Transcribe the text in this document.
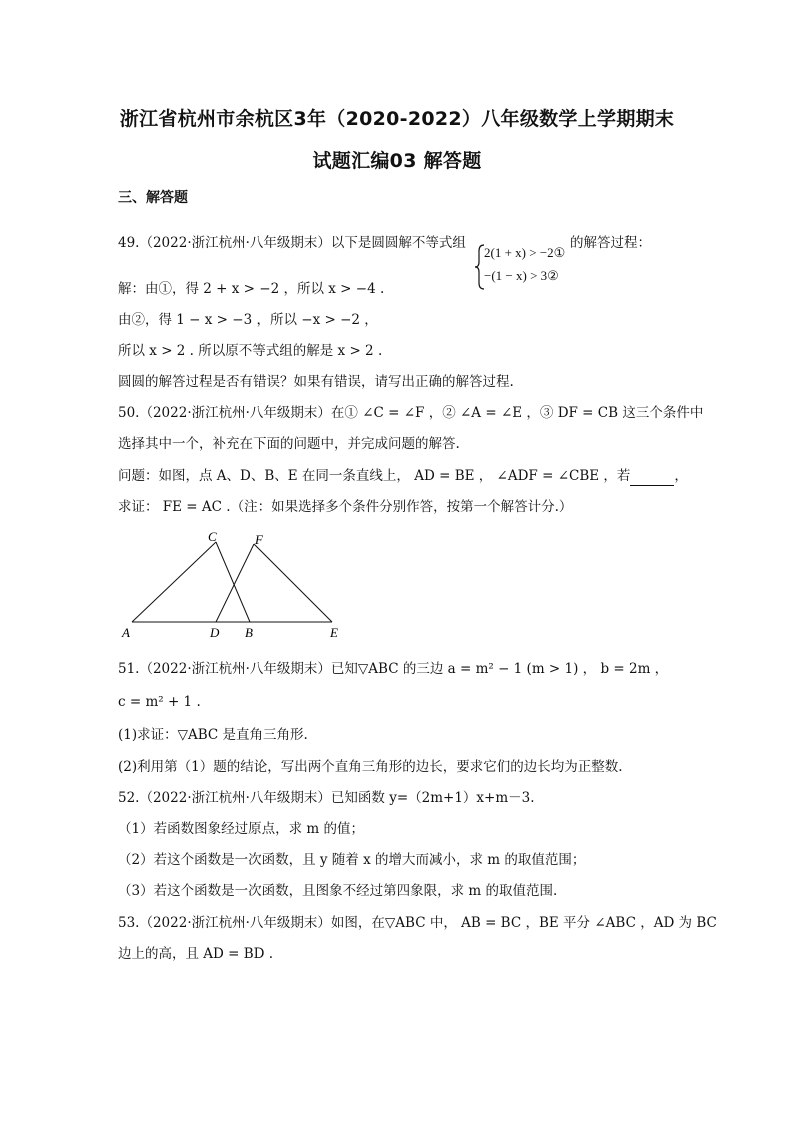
浙江省杭州市余杭区3年（2020-2022）八年级数学上学期期末
试题汇编03 解答题
三、解答题
49.（2022·浙江杭州·八年级期末）以下是圆圆解不等式组
2(1 + x) > −2①
−(1 − x) > 3②
的解答过程：
解：由①，得 2 + x > −2 ，所以 x > −4 .
由②，得 1 − x > −3 ，所以 −x > −2 ，
所以 x > 2 . 所以原不等式组的解是 x > 2 .
圆圆的解答过程是否有错误？如果有错误，请写出正确的解答过程.
50.（2022·浙江杭州·八年级期末）在① ∠C = ∠F ，② ∠A = ∠E ，③ DF = CB 这三个条件中
选择其中一个，补充在下面的问题中，并完成问题的解答.
问题：如图，点 A、D、B、E 在同一条直线上， AD = BE ， ∠ADF = ∠CBE ，若	，
求证： FE = AC .（注：如果选择多个条件分别作答，按第一个解答计分.）
A	D B	E
C	F
51.（2022·浙江杭州·八年级期末）已知▽ABC 的三边 a = m² − 1 (m > 1) ， b = 2m ，
c = m² + 1 .
(1)求证：▽ABC 是直角三角形.
(2)利用第（1）题的结论，写出两个直角三角形的边长，要求它们的边长均为正整数.
52.（2022·浙江杭州·八年级期末）已知函数 y=（2m+1）x+m－3.
（1）若函数图象经过原点，求 m 的值；
（2）若这个函数是一次函数，且 y 随着 x 的增大而减小，求 m 的取值范围；
（3）若这个函数是一次函数，且图象不经过第四象限，求 m 的取值范围.
53.（2022·浙江杭州·八年级期末）如图，在▽ABC 中， AB = BC ，BE 平分 ∠ABC ，AD 为 BC
边上的高，且 AD = BD .
